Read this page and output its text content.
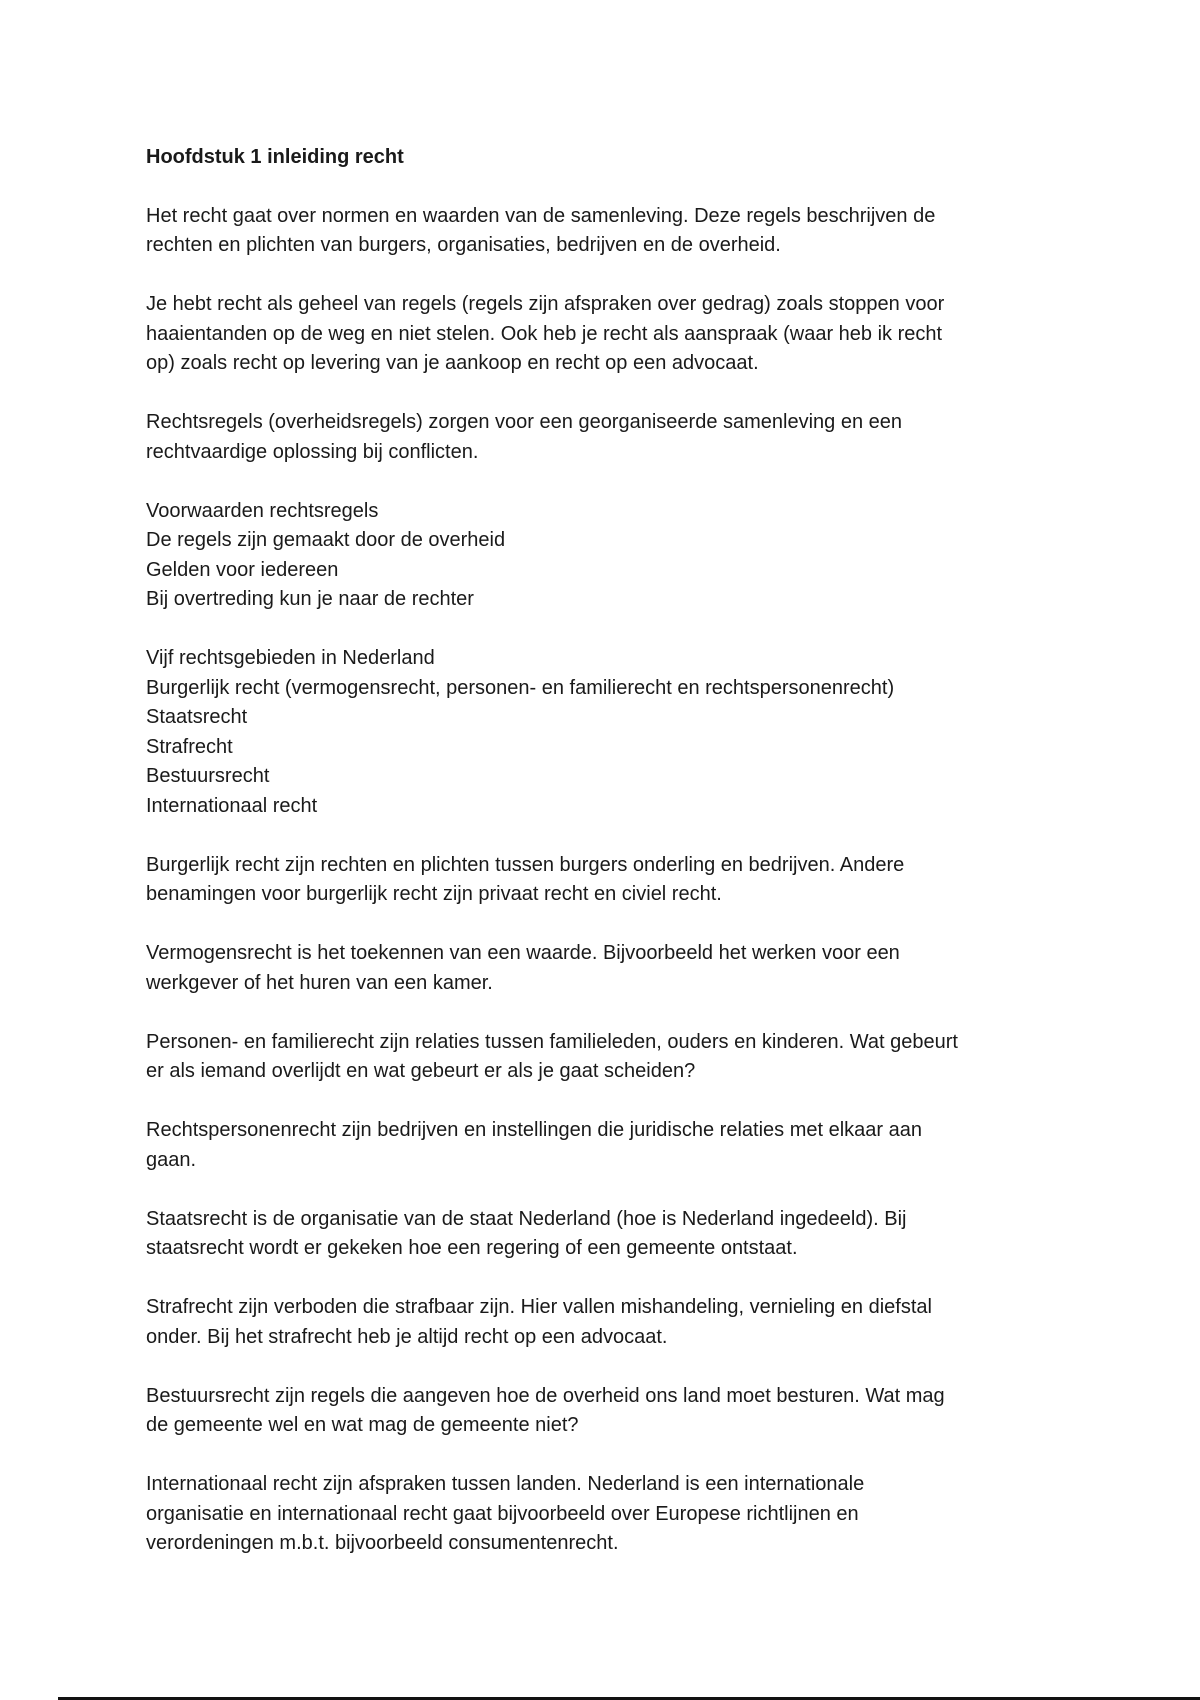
Hoofdstuk 1 inleiding recht
Het recht gaat over normen en waarden van de samenleving. Deze regels beschrijven de
rechten en plichten van burgers, organisaties, bedrijven en de overheid.
Je hebt recht als geheel van regels (regels zijn afspraken over gedrag) zoals stoppen voor
haaientanden op de weg en niet stelen. Ook heb je recht als aanspraak (waar heb ik recht
op) zoals recht op levering van je aankoop en recht op een advocaat.
Rechtsregels (overheidsregels) zorgen voor een georganiseerde samenleving en een
rechtvaardige oplossing bij conflicten.
Voorwaarden rechtsregels
De regels zijn gemaakt door de overheid
Gelden voor iedereen
Bij overtreding kun je naar de rechter
Vijf rechtsgebieden in Nederland
Burgerlijk recht (vermogensrecht, personen- en familierecht en rechtspersonenrecht)
Staatsrecht
Strafrecht
Bestuursrecht
Internationaal recht
Burgerlijk recht zijn rechten en plichten tussen burgers onderling en bedrijven. Andere
benamingen voor burgerlijk recht zijn privaat recht en civiel recht.
Vermogensrecht is het toekennen van een waarde. Bijvoorbeeld het werken voor een
werkgever of het huren van een kamer.
Personen- en familierecht zijn relaties tussen familieleden, ouders en kinderen. Wat gebeurt
er als iemand overlijdt en wat gebeurt er als je gaat scheiden?
Rechtspersonenrecht zijn bedrijven en instellingen die juridische relaties met elkaar aan
gaan.
Staatsrecht is de organisatie van de staat Nederland (hoe is Nederland ingedeeld). Bij
staatsrecht wordt er gekeken hoe een regering of een gemeente ontstaat.
Strafrecht zijn verboden die strafbaar zijn. Hier vallen mishandeling, vernieling en diefstal
onder. Bij het strafrecht heb je altijd recht op een advocaat.
Bestuursrecht zijn regels die aangeven hoe de overheid ons land moet besturen. Wat mag
de gemeente wel en wat mag de gemeente niet?
Internationaal recht zijn afspraken tussen landen. Nederland is een internationale
organisatie en internationaal recht gaat bijvoorbeeld over Europese richtlijnen en
verordeningen m.b.t. bijvoorbeeld consumentenrecht.
